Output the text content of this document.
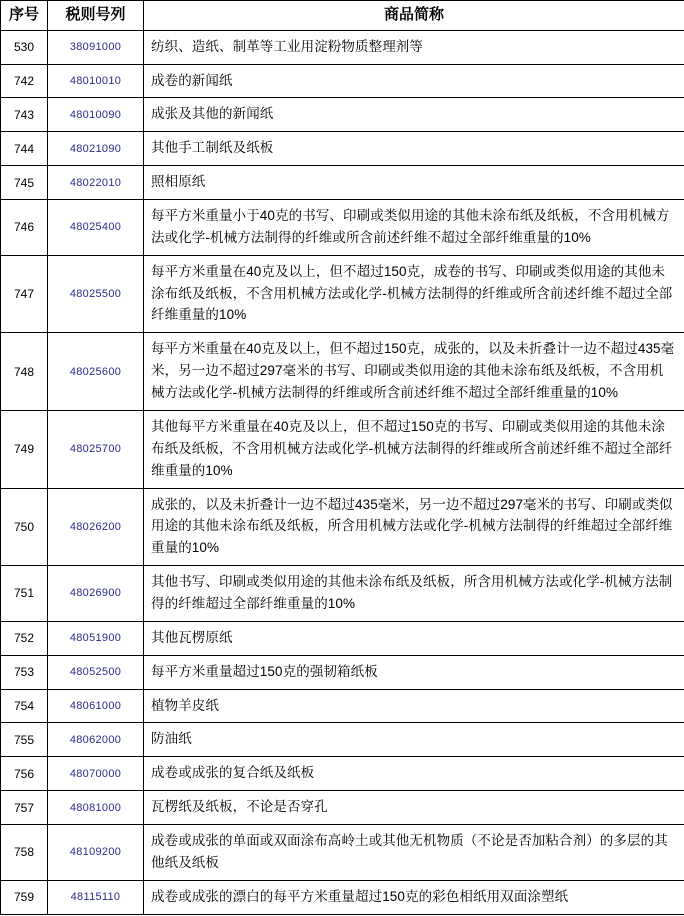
序号	税则号列	商品简称
530	38091000	纺织、造纸、制革等工业用淀粉物质整理剂等
742	48010010	成卷的新闻纸
743	48010090	成张及其他的新闻纸
744	48021090	其他手工制纸及纸板
745	48022010	照相原纸
746	48025400	每平方米重量小于40克的书写、印刷或类似用途的其他未涂布纸及纸板，不含用机械方法或化学-机械方法制得的纤维或所含前述纤维不超过全部纤维重量的10%
747	48025500	每平方米重量在40克及以上，但不超过150克，成卷的书写、印刷或类似用途的其他未涂布纸及纸板，不含用机械方法或化学-机械方法制得的纤维或所含前述纤维不超过全部纤维重量的10%
748	48025600	每平方米重量在40克及以上，但不超过150克，成张的，以及未折叠计一边不超过435毫米，另一边不超过297毫米的书写、印刷或类似用途的其他未涂布纸及纸板，不含用机械方法或化学-机械方法制得的纤维或所含前述纤维不超过全部纤维重量的10%
749	48025700	其他每平方米重量在40克及以上，但不超过150克的书写、印刷或类似用途的其他未涂布纸及纸板，不含用机械方法或化学-机械方法制得的纤维或所含前述纤维不超过全部纤维重量的10%
750	48026200	成张的，以及未折叠计一边不超过435毫米，另一边不超过297毫米的书写、印刷或类似用途的其他未涂布纸及纸板，所含用机械方法或化学-机械方法制得的纤维超过全部纤维重量的10%
751	48026900	其他书写、印刷或类似用途的其他未涂布纸及纸板，所含用机械方法或化学-机械方法制得的纤维超过全部纤维重量的10%
752	48051900	其他瓦楞原纸
753	48052500	每平方米重量超过150克的强韧箱纸板
754	48061000	植物羊皮纸
755	48062000	防油纸
756	48070000	成卷或成张的复合纸及纸板
757	48081000	瓦楞纸及纸板，不论是否穿孔
758	48109200	成卷或成张的单面或双面涂布高岭土或其他无机物质（不论是否加粘合剂）的多层的其他纸及纸板
759	48115110	成卷或成张的漂白的每平方米重量超过150克的彩色相纸用双面涂塑纸
